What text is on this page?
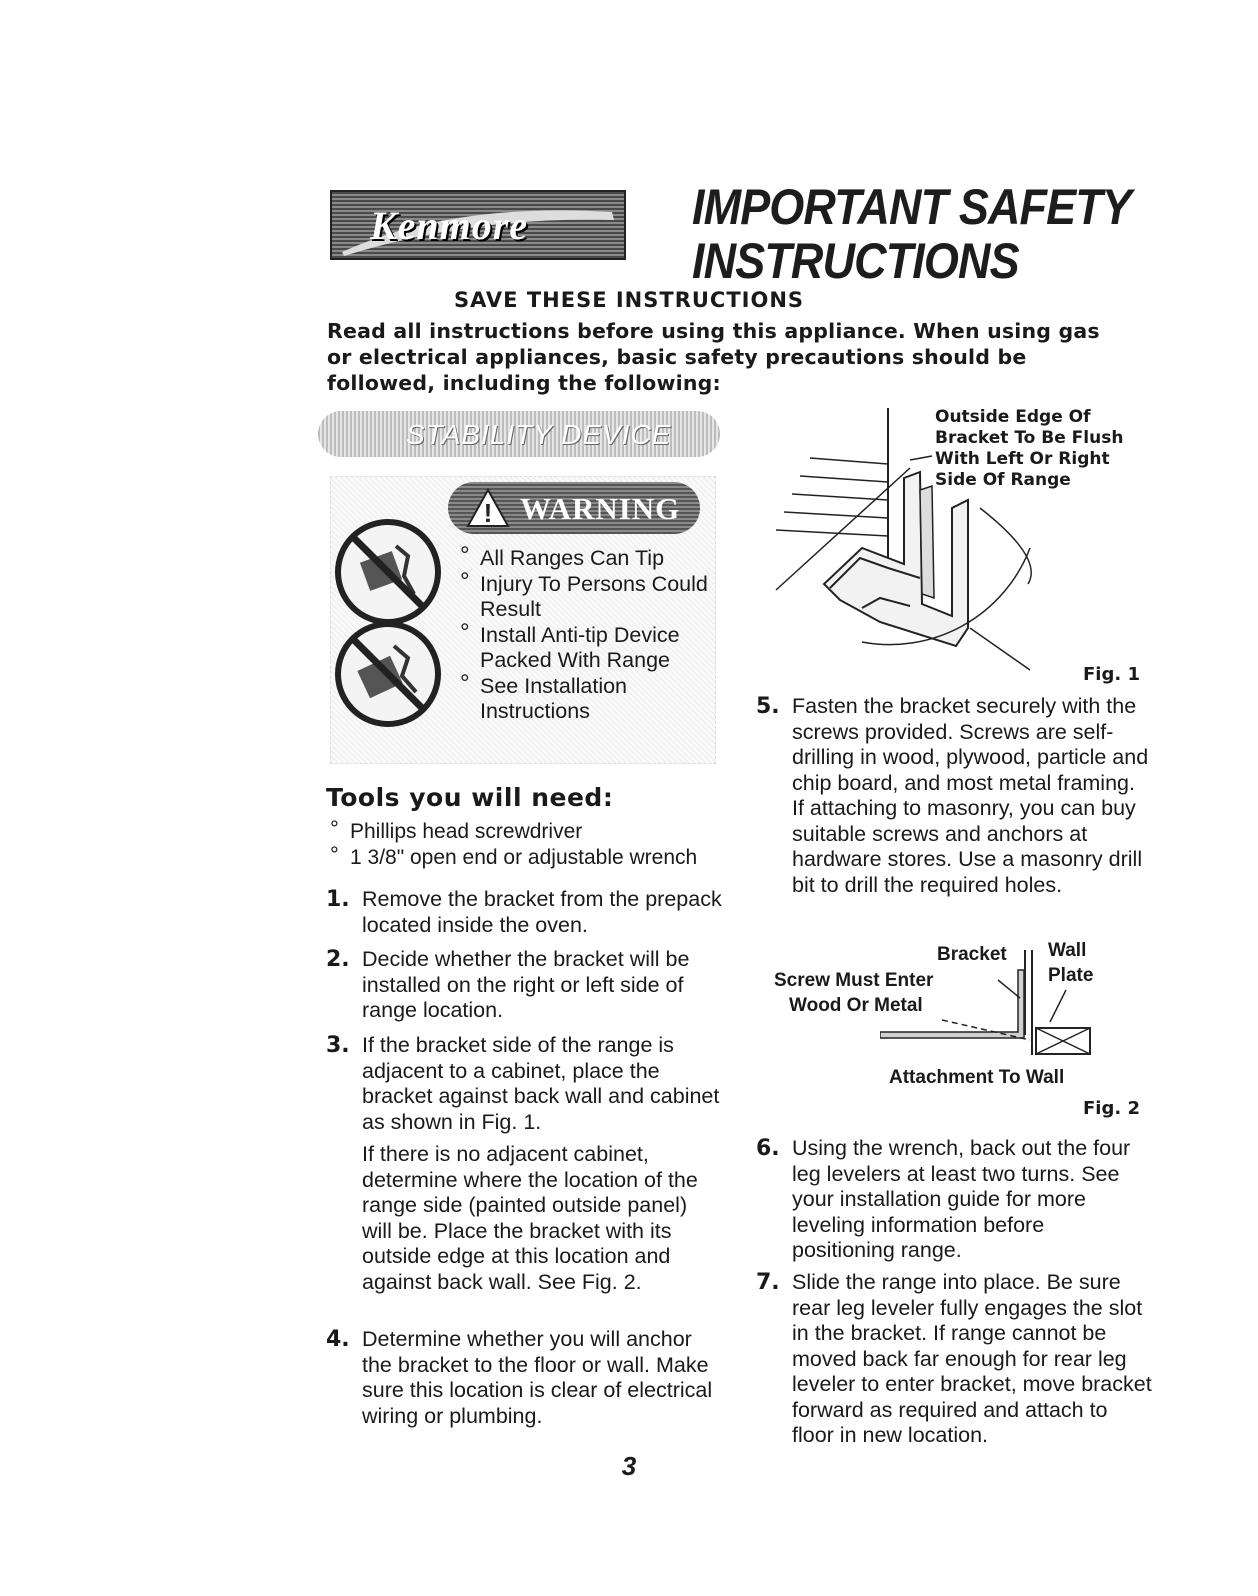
Kenmore	IMPORTANT SAFETY
INSTRUCTIONS
SAVE THESE INSTRUCTIONS
Read all instructions before using this appliance. When using gas or electrical appliances, basic safety precautions should be followed, including the following:
STABILITY DEVICE
! WARNING
° All Ranges Can Tip
° Injury To Persons Could Result
° Install Anti-tip Device Packed With Range
° See Installation Instructions
Tools you will need:
° Phillips head screwdriver
° 1 3/8" open end or adjustable wrench
1. Remove the bracket from the prepack located inside the oven.
2. Decide whether the bracket will be installed on the right or left side of range location.
3. If the bracket side of the range is adjacent to a cabinet, place the bracket against back wall and cabinet as shown in Fig. 1.
If there is no adjacent cabinet, determine where the location of the range side (painted outside panel) will be. Place the bracket with its outside edge at this location and against back wall. See Fig. 2.
4. Determine whether you will anchor the bracket to the floor or wall. Make sure this location is clear of electrical wiring or plumbing.
Outside Edge Of Bracket To Be Flush With Left Or Right Side Of Range
Fig. 1
5. Fasten the bracket securely with the screws provided. Screws are self-drilling in wood, plywood, particle and chip board, and most metal framing. If attaching to masonry, you can buy suitable screws and anchors at hardware stores. Use a masonry drill bit to drill the required holes.
Bracket Wall Plate
Screw Must Enter
Wood Or Metal
Attachment To Wall
Fig. 2
6. Using the wrench, back out the four leg levelers at least two turns. See your installation guide for more leveling information before positioning range.
7. Slide the range into place. Be sure rear leg leveler fully engages the slot in the bracket. If range cannot be moved back far enough for rear leg leveler to enter bracket, move bracket forward as required and attach to floor in new location.
3
